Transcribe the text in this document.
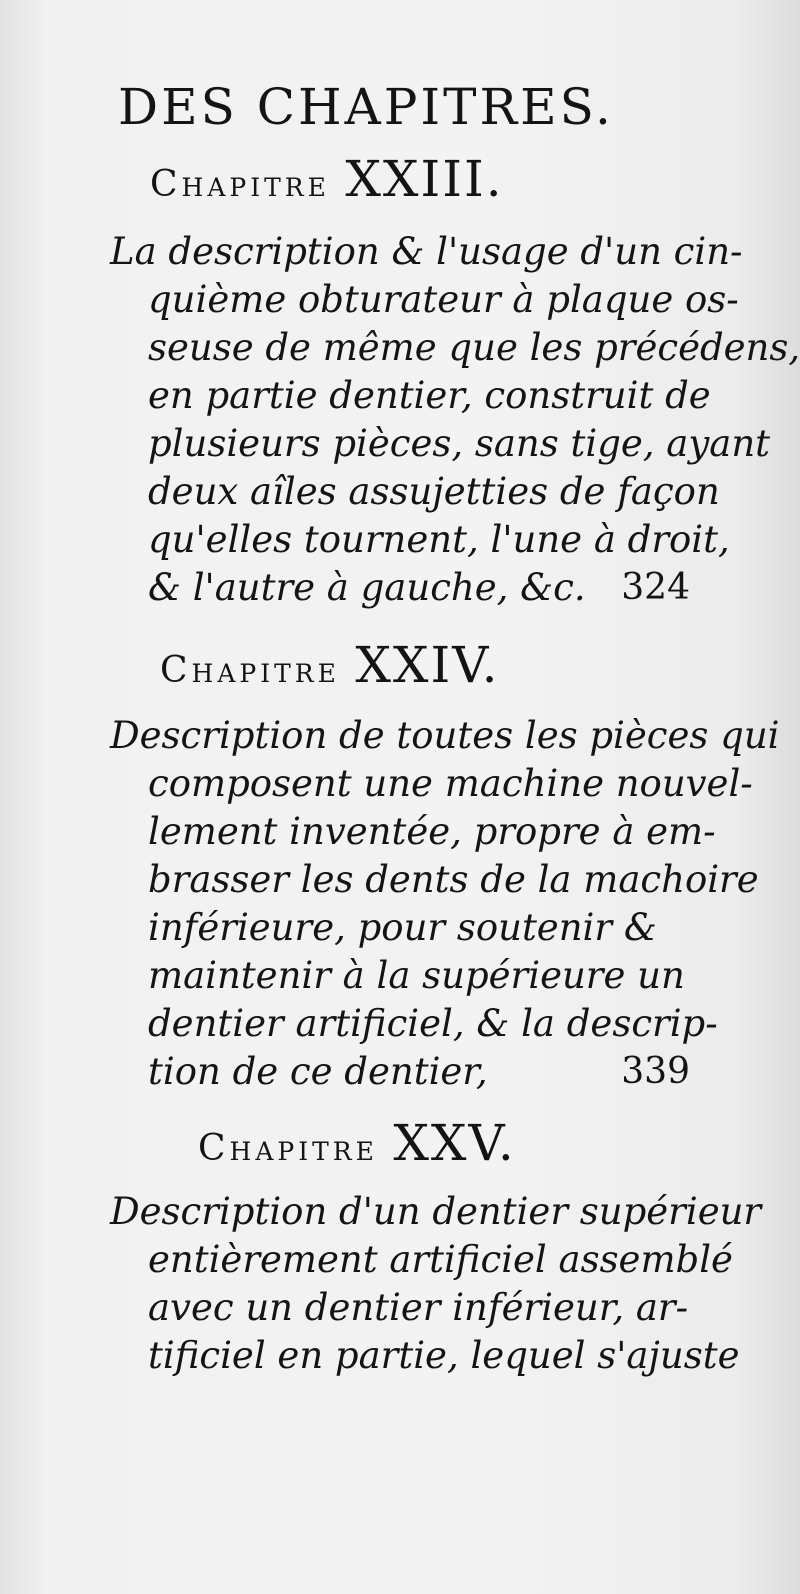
DES CHAPITRES.
Chapitre XXIII.
La description & l'usage d'un cin-
quième obturateur à plaque os-
seuse de même que les précédens,
en partie dentier, construit de
plusieurs pièces, sans tige, ayant
deux aîles assujetties de façon
qu'elles tournent, l'une à droit,
& l'autre à gauche, &c. 324
Chapitre XXIV.
Description de toutes les pièces qui
composent une machine nouvel-
lement inventée, propre à em-
brasser les dents de la machoire
inférieure, pour soutenir &
maintenir à la supérieure un
dentier artificiel, & la descrip-
tion de ce dentier,	339
Chapitre XXV.
Description d'un dentier supérieur
entièrement artificiel assemblé
avec un dentier inférieur, ar-
tificiel en partie, lequel s'ajuste
